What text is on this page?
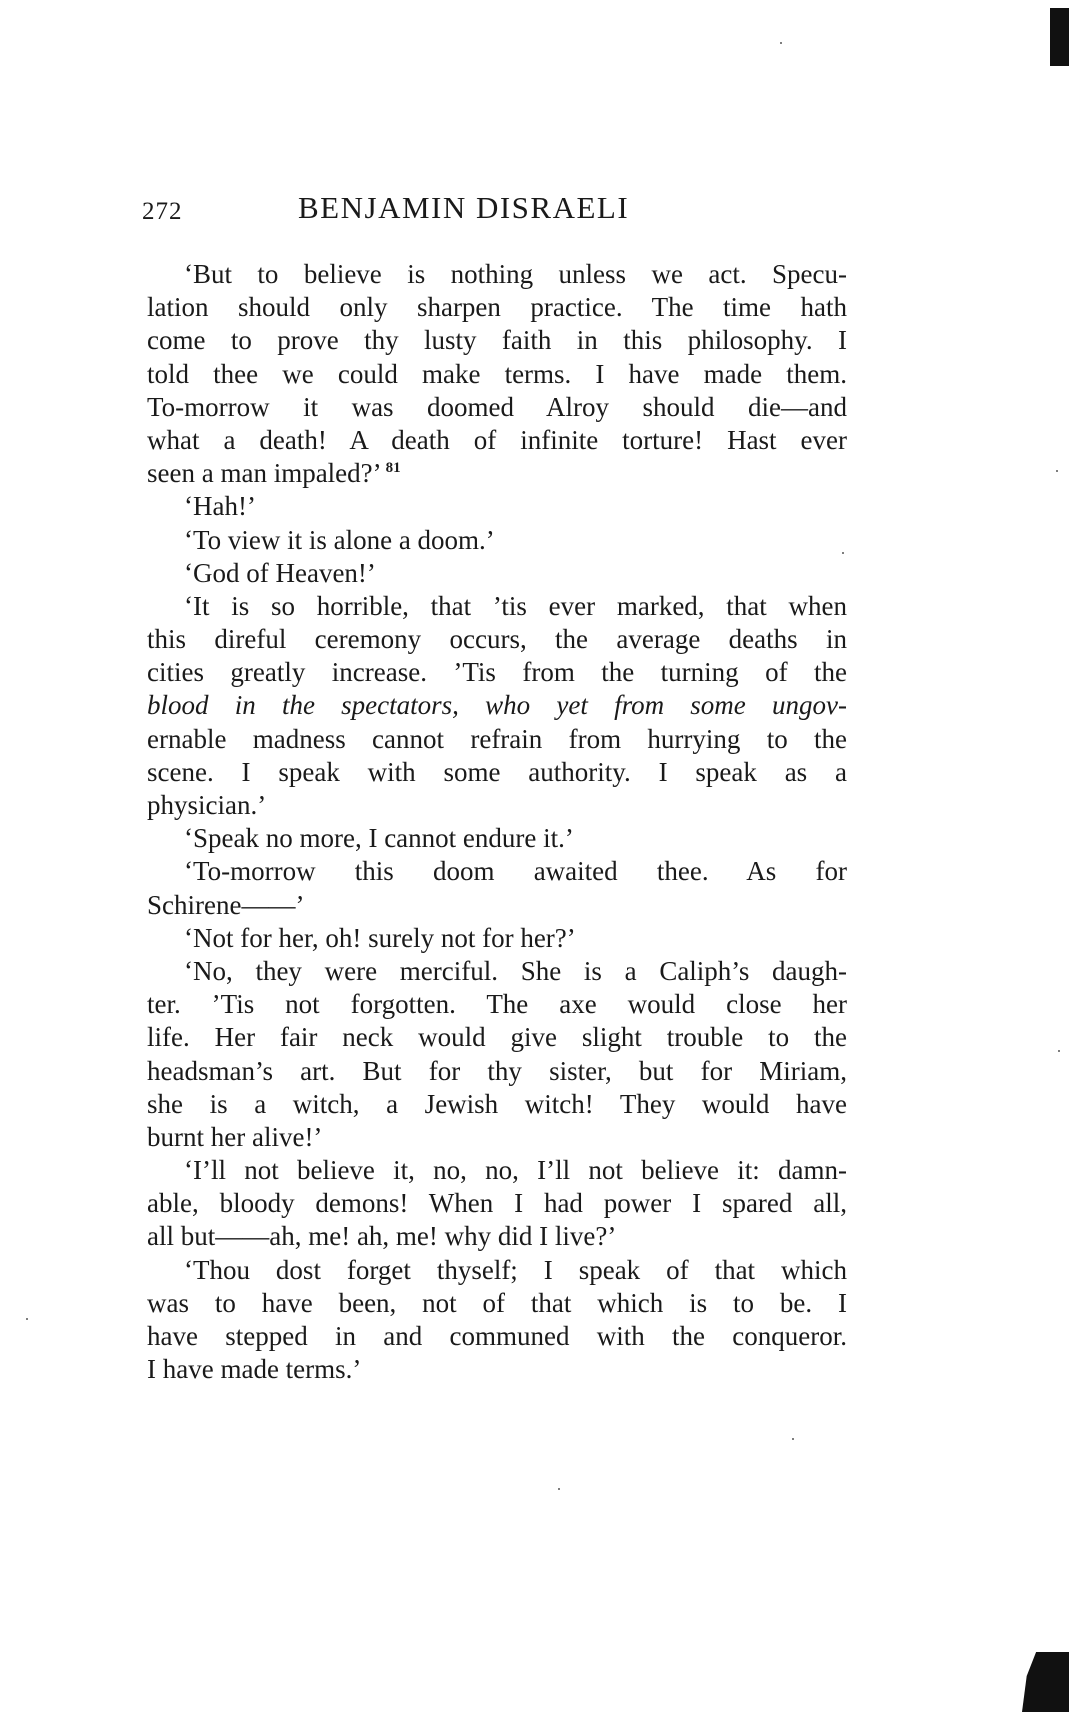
272	BENJAMIN DISRAELI
‘But to believe is nothing unless we act. Specu-
lation should only sharpen practice. The time hath
come to prove thy lusty faith in this philosophy. I
told thee we could make terms. I have made them.
To-morrow it was doomed Alroy should die—and
what a death! A death of infinite torture! Hast ever
seen a man impaled?’ $^{81}$
‘Hah!’
‘To view it is alone a doom.’
‘God of Heaven!’
‘It is so horrible, that ’tis ever marked, that when
this direful ceremony occurs, the average deaths in
cities greatly increase. ’Tis from the turning of the
blood in the spectators, who yet from some ungov-
ernable madness cannot refrain from hurrying to the
scene. I speak with some authority. I speak as a
physician.’
‘Speak no more, I cannot endure it.’
‘To-morrow this doom awaited thee. As for
Schirene——’
‘Not for her, oh! surely not for her?’
‘No, they were merciful. She is a Caliph’s daugh-
ter. ’Tis not forgotten. The axe would close her
life. Her fair neck would give slight trouble to the
headsman’s art. But for thy sister, but for Miriam,
she is a witch, a Jewish witch! They would have
burnt her alive!’
‘I’ll not believe it, no, no, I’ll not believe it: damn-
able, bloody demons! When I had power I spared all,
all but——ah, me! ah, me! why did I live?’
‘Thou dost forget thyself; I speak of that which
was to have been, not of that which is to be. I
have stepped in and communed with the conqueror.
I have made terms.’
